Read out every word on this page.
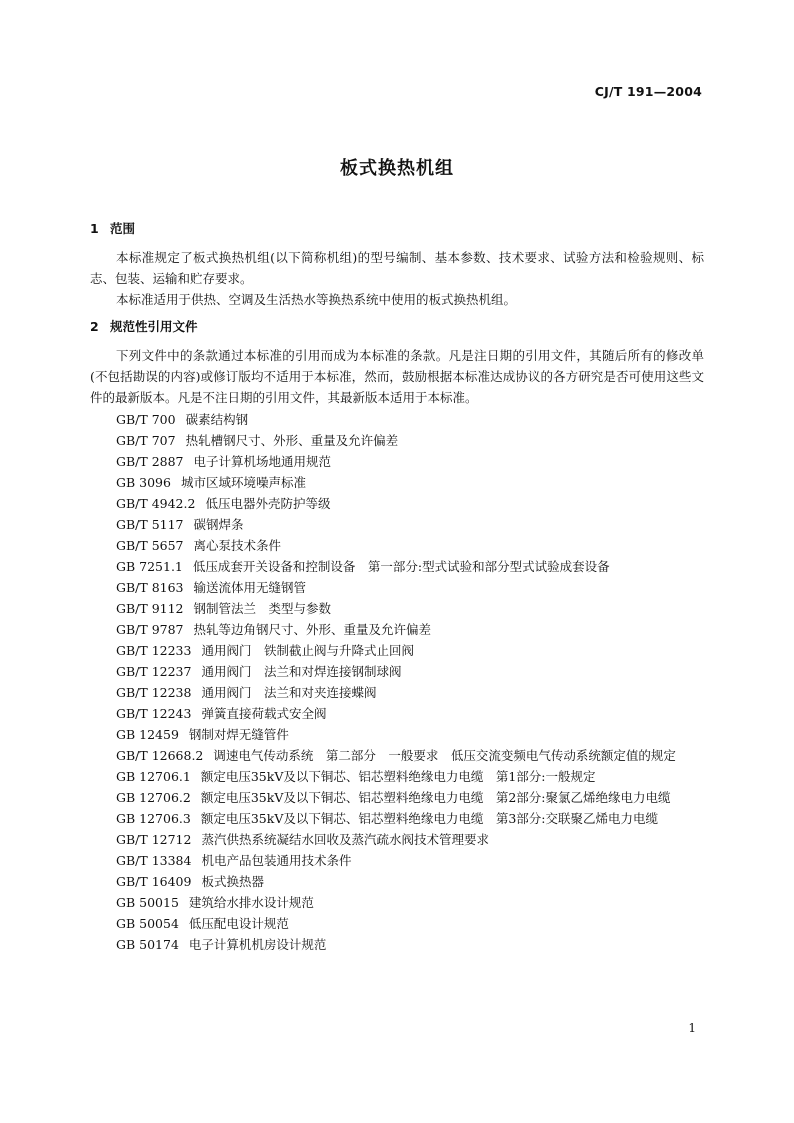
CJ/T 191—2004
板式换热机组
1 范围

本标准规定了板式换热机组(以下简称机组)的型号编制、基本参数、技术要求、试验方法和检验规则、标志、包装、运输和贮存要求。

本标准适用于供热、空调及生活热水等换热系统中使用的板式换热机组。

2 规范性引用文件

下列文件中的条款通过本标准的引用而成为本标准的条款。凡是注日期的引用文件，其随后所有的修改单(不包括勘误的内容)或修订版均不适用于本标准，然而，鼓励根据本标准达成协议的各方研究是否可使用这些文件的最新版本。凡是不注日期的引用文件，其最新版本适用于本标准。

GB/T 700 碳素结构钢

GB/T 707 热轧槽钢尺寸、外形、重量及允许偏差

GB/T 2887 电子计算机场地通用规范

GB 3096 城市区域环境噪声标准

GB/T 4942.2 低压电器外壳防护等级

GB/T 5117 碳钢焊条

GB/T 5657 离心泵技术条件

GB 7251.1 低压成套开关设备和控制设备　第一部分:型式试验和部分型式试验成套设备

GB/T 8163 输送流体用无缝钢管

GB/T 9112 钢制管法兰　类型与参数

GB/T 9787 热轧等边角钢尺寸、外形、重量及允许偏差

GB/T 12233 通用阀门　铁制截止阀与升降式止回阀

GB/T 12237 通用阀门　法兰和对焊连接钢制球阀

GB/T 12238 通用阀门　法兰和对夹连接蝶阀

GB/T 12243 弹簧直接荷载式安全阀

GB 12459 钢制对焊无缝管件

GB/T 12668.2 调速电气传动系统　第二部分　一般要求　低压交流变频电气传动系统额定值的规定

GB 12706.1 额定电压35kV及以下铜芯、铝芯塑料绝缘电力电缆　第1部分:一般规定

GB 12706.2 额定电压35kV及以下铜芯、铝芯塑料绝缘电力电缆　第2部分:聚氯乙烯绝缘电力电缆

GB 12706.3 额定电压35kV及以下铜芯、铝芯塑料绝缘电力电缆　第3部分:交联聚乙烯电力电缆

GB/T 12712 蒸汽供热系统凝结水回收及蒸汽疏水阀技术管理要求

GB/T 13384 机电产品包装通用技术条件

GB/T 16409 板式换热器

GB 50015 建筑给水排水设计规范

GB 50054 低压配电设计规范

GB 50174 电子计算机机房设计规范

1
